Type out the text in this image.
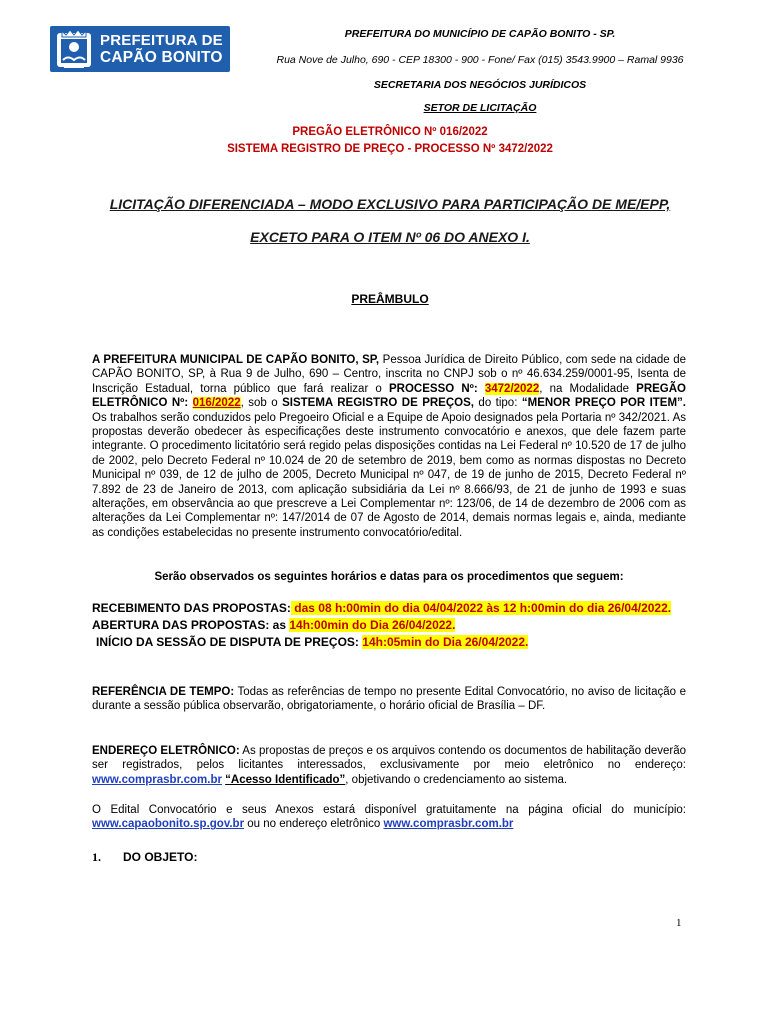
PREFEITURA DE
CAPÃO BONITO
PREFEITURA DO MUNICÍPIO DE CAPÃO BONITO - SP.
Rua Nove de Julho, 690 - CEP 18300 - 900 - Fone/ Fax (015) 3543.9900 – Ramal 9936
SECRETARIA DOS NEGÓCIOS JURÍDICOS
SETOR DE LICITAÇÃO
PREGÃO ELETRÔNICO Nº 016/2022
SISTEMA REGISTRO DE PREÇO - PROCESSO Nº 3472/2022
LICITAÇÃO DIFERENCIADA – MODO EXCLUSIVO PARA PARTICIPAÇÃO DE ME/EPP,
EXCETO PARA O ITEM Nº 06 DO ANEXO I.
PREÂMBULO
A PREFEITURA MUNICIPAL DE CAPÃO BONITO, SP, Pessoa Jurídica de Direito Público, com sede na cidade de CAPÃO BONITO, SP, à Rua 9 de Julho, 690 – Centro, inscrita no CNPJ sob o nº 46.634.259/0001-95, Isenta de Inscrição Estadual, torna público que fará realizar o PROCESSO Nº: 3472/2022, na Modalidade PREGÃO ELETRÔNICO Nº: 016/2022, sob o SISTEMA REGISTRO DE PREÇOS, do tipo: “MENOR PREÇO POR ITEM”. Os trabalhos serão conduzidos pelo Pregoeiro Oficial e a Equipe de Apoio designados pela Portaria nº 342/2021. As propostas deverão obedecer às especificações deste instrumento convocatório e anexos, que dele fazem parte integrante. O procedimento licitatório será regido pelas disposições contidas na Lei Federal nº 10.520 de 17 de julho de 2002, pelo Decreto Federal nº 10.024 de 20 de setembro de 2019, bem como as normas dispostas no Decreto Municipal nº 039, de 12 de julho de 2005, Decreto Municipal nº 047, de 19 de junho de 2015, Decreto Federal nº 7.892 de 23 de Janeiro de 2013, com aplicação subsidiária da Lei nº 8.666/93, de 21 de junho de 1993 e suas alterações, em observância ao que prescreve a Lei Complementar nº: 123/06, de 14 de dezembro de 2006 com as alterações da Lei Complementar nº: 147/2014 de 07 de Agosto de 2014, demais normas legais e, ainda, mediante as condições estabelecidas no presente instrumento convocatório/edital.
Serão observados os seguintes horários e datas para os procedimentos que seguem:
RECEBIMENTO DAS PROPOSTAS: das 08 h:00min do dia 04/04/2022 às 12 h:00min do dia 26/04/2022.
ABERTURA DAS PROPOSTAS: as 14h:00min do Dia 26/04/2022.
INÍCIO DA SESSÃO DE DISPUTA DE PREÇOS: 14h:05min do Dia 26/04/2022.
REFERÊNCIA DE TEMPO: Todas as referências de tempo no presente Edital Convocatório, no aviso de licitação e durante a sessão pública observarão, obrigatoriamente, o horário oficial de Brasília – DF.
ENDEREÇO ELETRÔNICO: As propostas de preços e os arquivos contendo os documentos de habilitação deverão ser registrados, pelos licitantes interessados, exclusivamente por meio eletrônico no endereço: www.comprasbr.com.br “Acesso Identificado”, objetivando o credenciamento ao sistema.
O Edital Convocatório e seus Anexos estará disponível gratuitamente na página oficial do município: www.capaobonito.sp.gov.br ou no endereço eletrônico www.comprasbr.com.br
1. DO OBJETO:
1
